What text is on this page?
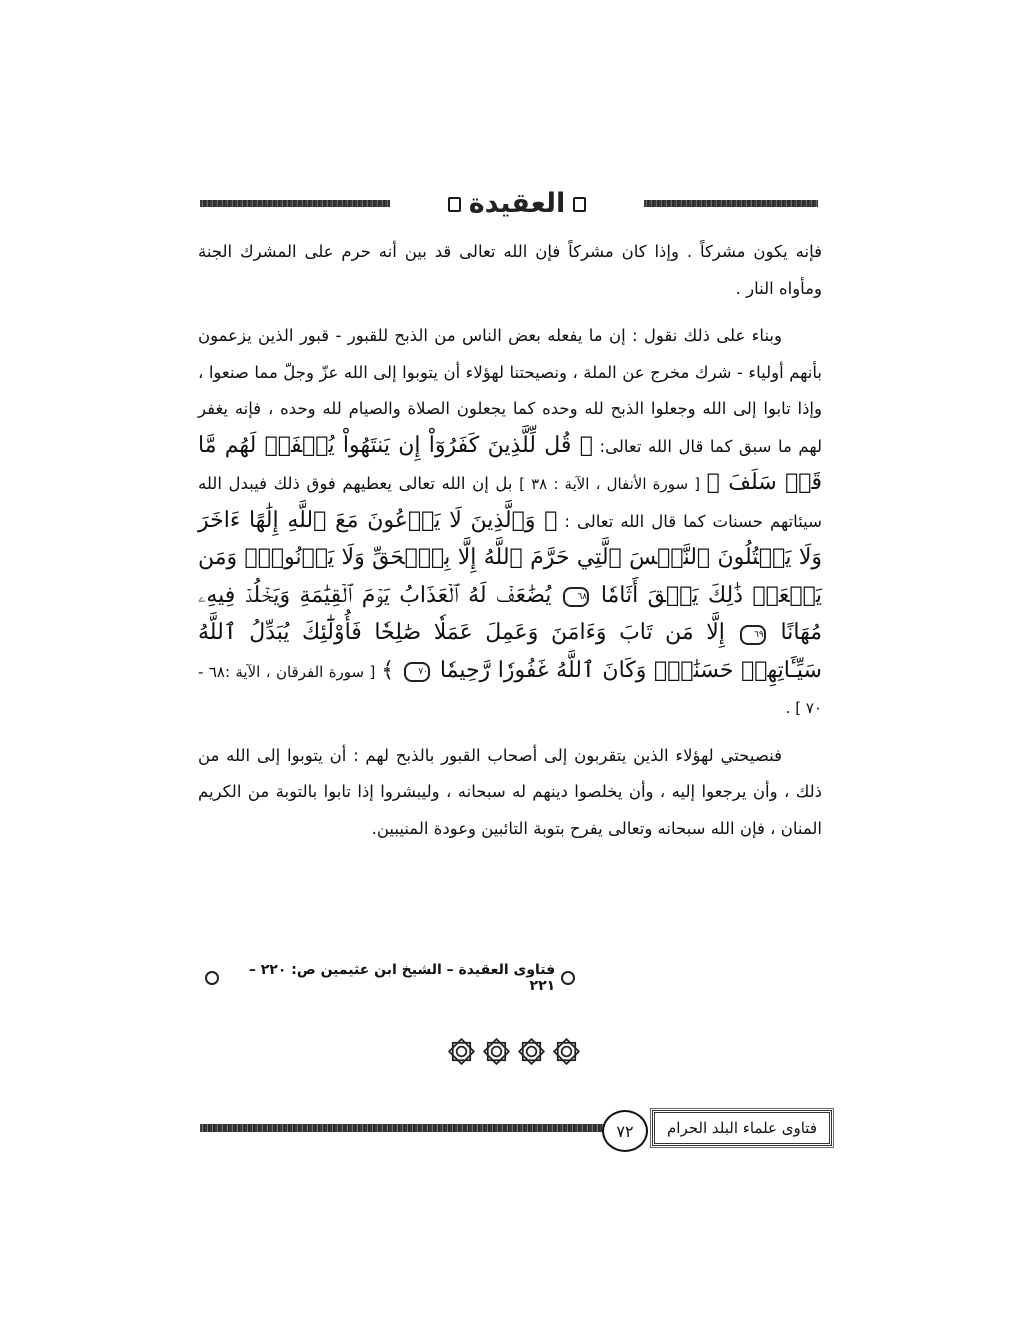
العقيدة

فإنه يكون مشركاً . وإذا كان مشركاً فإن الله تعالى قد بين أنه حرم على المشرك الجنة ومأواه النار .

وبناء على ذلك نقول : إن ما يفعله بعض الناس من الذبح للقبور - قبور الذين يزعمون بأنهم أولياء - شرك مخرج عن الملة ، ونصيحتنا لهؤلاء أن يتوبوا إلى الله عزّ وجلّ مما صنعوا ، وإذا تابوا إلى الله وجعلوا الذبح لله وحده كما يجعلون الصلاة والصيام لله وحده ، فإنه يغفر لهم ما سبق كما قال الله تعالى: ﴿ قُل لِّلَّذِينَ كَفَرُوٓاْ إِن يَنتَهُواْ يُغۡفَرۡ لَهُم مَّا قَدۡ سَلَفَ ﴾ [ سورة الأنفال ، الآية : ٣٨ ] بل إن الله تعالى يعطيهم فوق ذلك فيبدل الله سيئاتهم حسنات كما قال الله تعالى : ﴿ وَٱلَّذِينَ لَا يَدۡعُونَ مَعَ ٱللَّهِ إِلَٰهًا ءَاخَرَ وَلَا يَقۡتُلُونَ ٱلنَّفۡسَ ٱلَّتِي حَرَّمَ ٱللَّهُ إِلَّا بِٱلۡحَقِّ وَلَا يَزۡنُونَۚ وَمَن يَفۡعَلۡ ذَٰلِكَ يَلۡقَ أَثَامٗا ٦٨ يُضَٰعَفۡ لَهُ ٱلۡعَذَابُ يَوۡمَ ٱلۡقِيَٰمَةِ وَيَخۡلُدۡ فِيهِۦ مُهَانًا ٦٩ إِلَّا مَن تَابَ وَءَامَنَ وَعَمِلَ عَمَلٗا صَٰلِحٗا فَأُوْلَٰٓئِكَ يُبَدِّلُ ٱللَّهُ سَيِّـَٔاتِهِمۡ حَسَنَٰتٖۗ وَكَانَ ٱللَّهُ غَفُورٗا رَّحِيمٗا ٧٠ ﴾ [ سورة الفرقان ، الآية :٦٨ - ٧٠ ] .

فنصيحتي لهؤلاء الذين يتقربون إلى أصحاب القبور بالذبح لهم : أن يتوبوا إلى الله من ذلك ، وأن يرجعوا إليه ، وأن يخلصوا دينهم له سبحانه ، وليبشروا إذا تابوا بالتوبة من الكريم المنان ، فإن الله سبحانه وتعالى يفرح بتوبة التائبين وعودة المنيبين.

فتاوى العقيدة – الشيخ ابن عثيمين ص: ٢٢٠ – ٢٢١
٧٢	فتاوى علماء البلد الحرام
